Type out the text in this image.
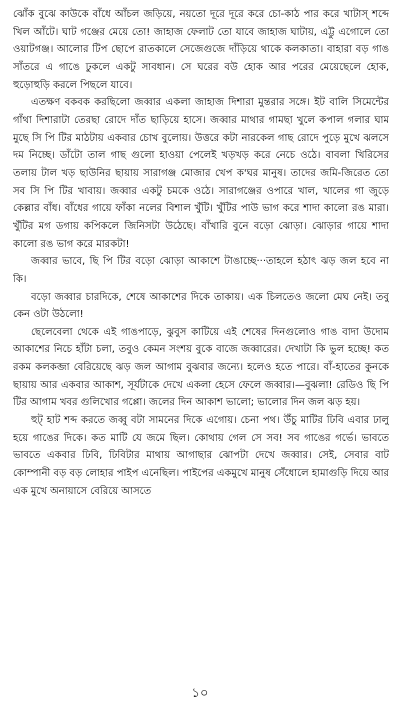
ঝোঁক বুঝে কাউকে বাঁধে আঁচল জড়িয়ে, নয়তো দূরে দূরে করে চো-কাঠ পার করে খাটাস্ শব্দে খিল আঁটে। ঘাট গঞ্জের মেয়ে তো! জাহাজ ফেলাট তো যাবে জাহাজ ঘাটায়, এট্টু এগোলে তো ওয়াটগঞ্জ। আলোর টিপ ছোপে রাতকালে সেজেগুজে দাঁড়িয়ে থাকে কলকাতা। বাহারা বড় গাঙ সাঁতরে এ গাঙে ঢুকলে একটু সাবধান। সে ঘরের বউ হোক আর পরের মেয়েছেলে হোক, হুড়োহুড়ি করলে পিছলে যাবে।

এতক্ষণ বকবক করছিলো জব্বার একলা জাহাজ দিশারা মুন্তরার সঙ্গে। ইট বালি সিমেন্টের গাঁথা দিশারাটা তেরছা রোদে দাঁত ছাড়িয়ে হাসে। জব্বার মাথার গামছা খুলে কপাল গলার ঘাম মুছে সি পি টির মাঠটায় একবার চোখ বুলোয়। উত্তরে কটা নারকেল গাছ রোদে পুড়ে মুখে ঝলসে দম নিচ্ছে। ডাঁটো তাল গাছ গুলো হাওয়া পেলেই খড়খড় করে নেচে ওঠে। বাবলা খিরিসের তলায় টাল খড় ছাউনির ছায়ায় সারাগঞ্জ মোজার খেপ ক'ঘর মানুষ। তাদের জমি-জিরেত তো সব সি পি টির খাবায়। জব্বার একটু চমকে ওঠে। সারাগঞ্জের ওপারে খাল, খালের গা জুড়ে কেল্লার বাঁধ। বাঁধের গায়ে ফাঁকা নলের বিশাল খুঁটি। খুঁটির পাউ ভাগ করে শাদা কালো রঙ মারা। খুঁটির মগ ডগায় কপিকলে জিনিসটা উঠেছে। বাঁখারি বুনে বড়ো ঝোড়া। ঝোড়ার গায়ে শাদা কালো রঙ ভাগ করে মারকটা!

জব্বার ভাবে, ছি পি টির বড়ো ঝোড়া আকাশে টাঙাচ্ছে···তাহলে হঠাৎ ঝড় জল হবে না কি।

বড়ো জব্বার চারদিকে, শেষে আকাশের দিকে তাকায়। এক চিলতেও জলো মেঘ নেই। তবু কেন ওটা উঠলো!

ছেলেবেলা থেকে এই গাঙপাড়ে, ঝুবুস কাটিয়ে এই শেষের দিনগুলোও গাঙ বাদা উদোম আকাশের নিচে হাঁটা চলা, তবুও কেমন সংশয় বুকে বাজে জব্বারের। দেখাটা কি ভুল হচ্ছে! কত রকম কলকব্জা বেরিয়েছে ঝড় জল আগাম বুঝবার জন্যে। হলেও হতে পারে। বাঁ-হাতের কুনকে ছায়ায় আর একবার আকাশ, সূর্যটাকে দেখে একলা হেসে ফেলে জব্বার।—বুঝলা! রেডিও ছি পি টির আগাম খবর গুলিখোর গপ্পো। জলের দিন আকাশ ভালো; ভালোর দিন জল ঝড় হয়।

হুট্ হাট শব্দ করতে জব্বু বটা সামনের দিকে এগোয়। চেনা পথ। উঁচু মাটির ঢিবি এবার ঢালু হয়ে গাঙের দিকে। কত মাটি যে জমে ছিল। কোথায় গেল সে সব! সব গাঙের গর্ভে। ভাবতে ভাবতে একবার ঢিবি, ঢিবিটার মাথায় আগাছার ঝোপটা দেখে জব্বার। সেই, সেবার বাট কোম্পানী বড় বড় লোহার পাইপ এনেছিল। পাইপের একমুখে মানুষ সেঁধোলে হামাগুড়ি দিয়ে আর এক মুখে অনায়াসে বেরিয়ে আসতে

১০
